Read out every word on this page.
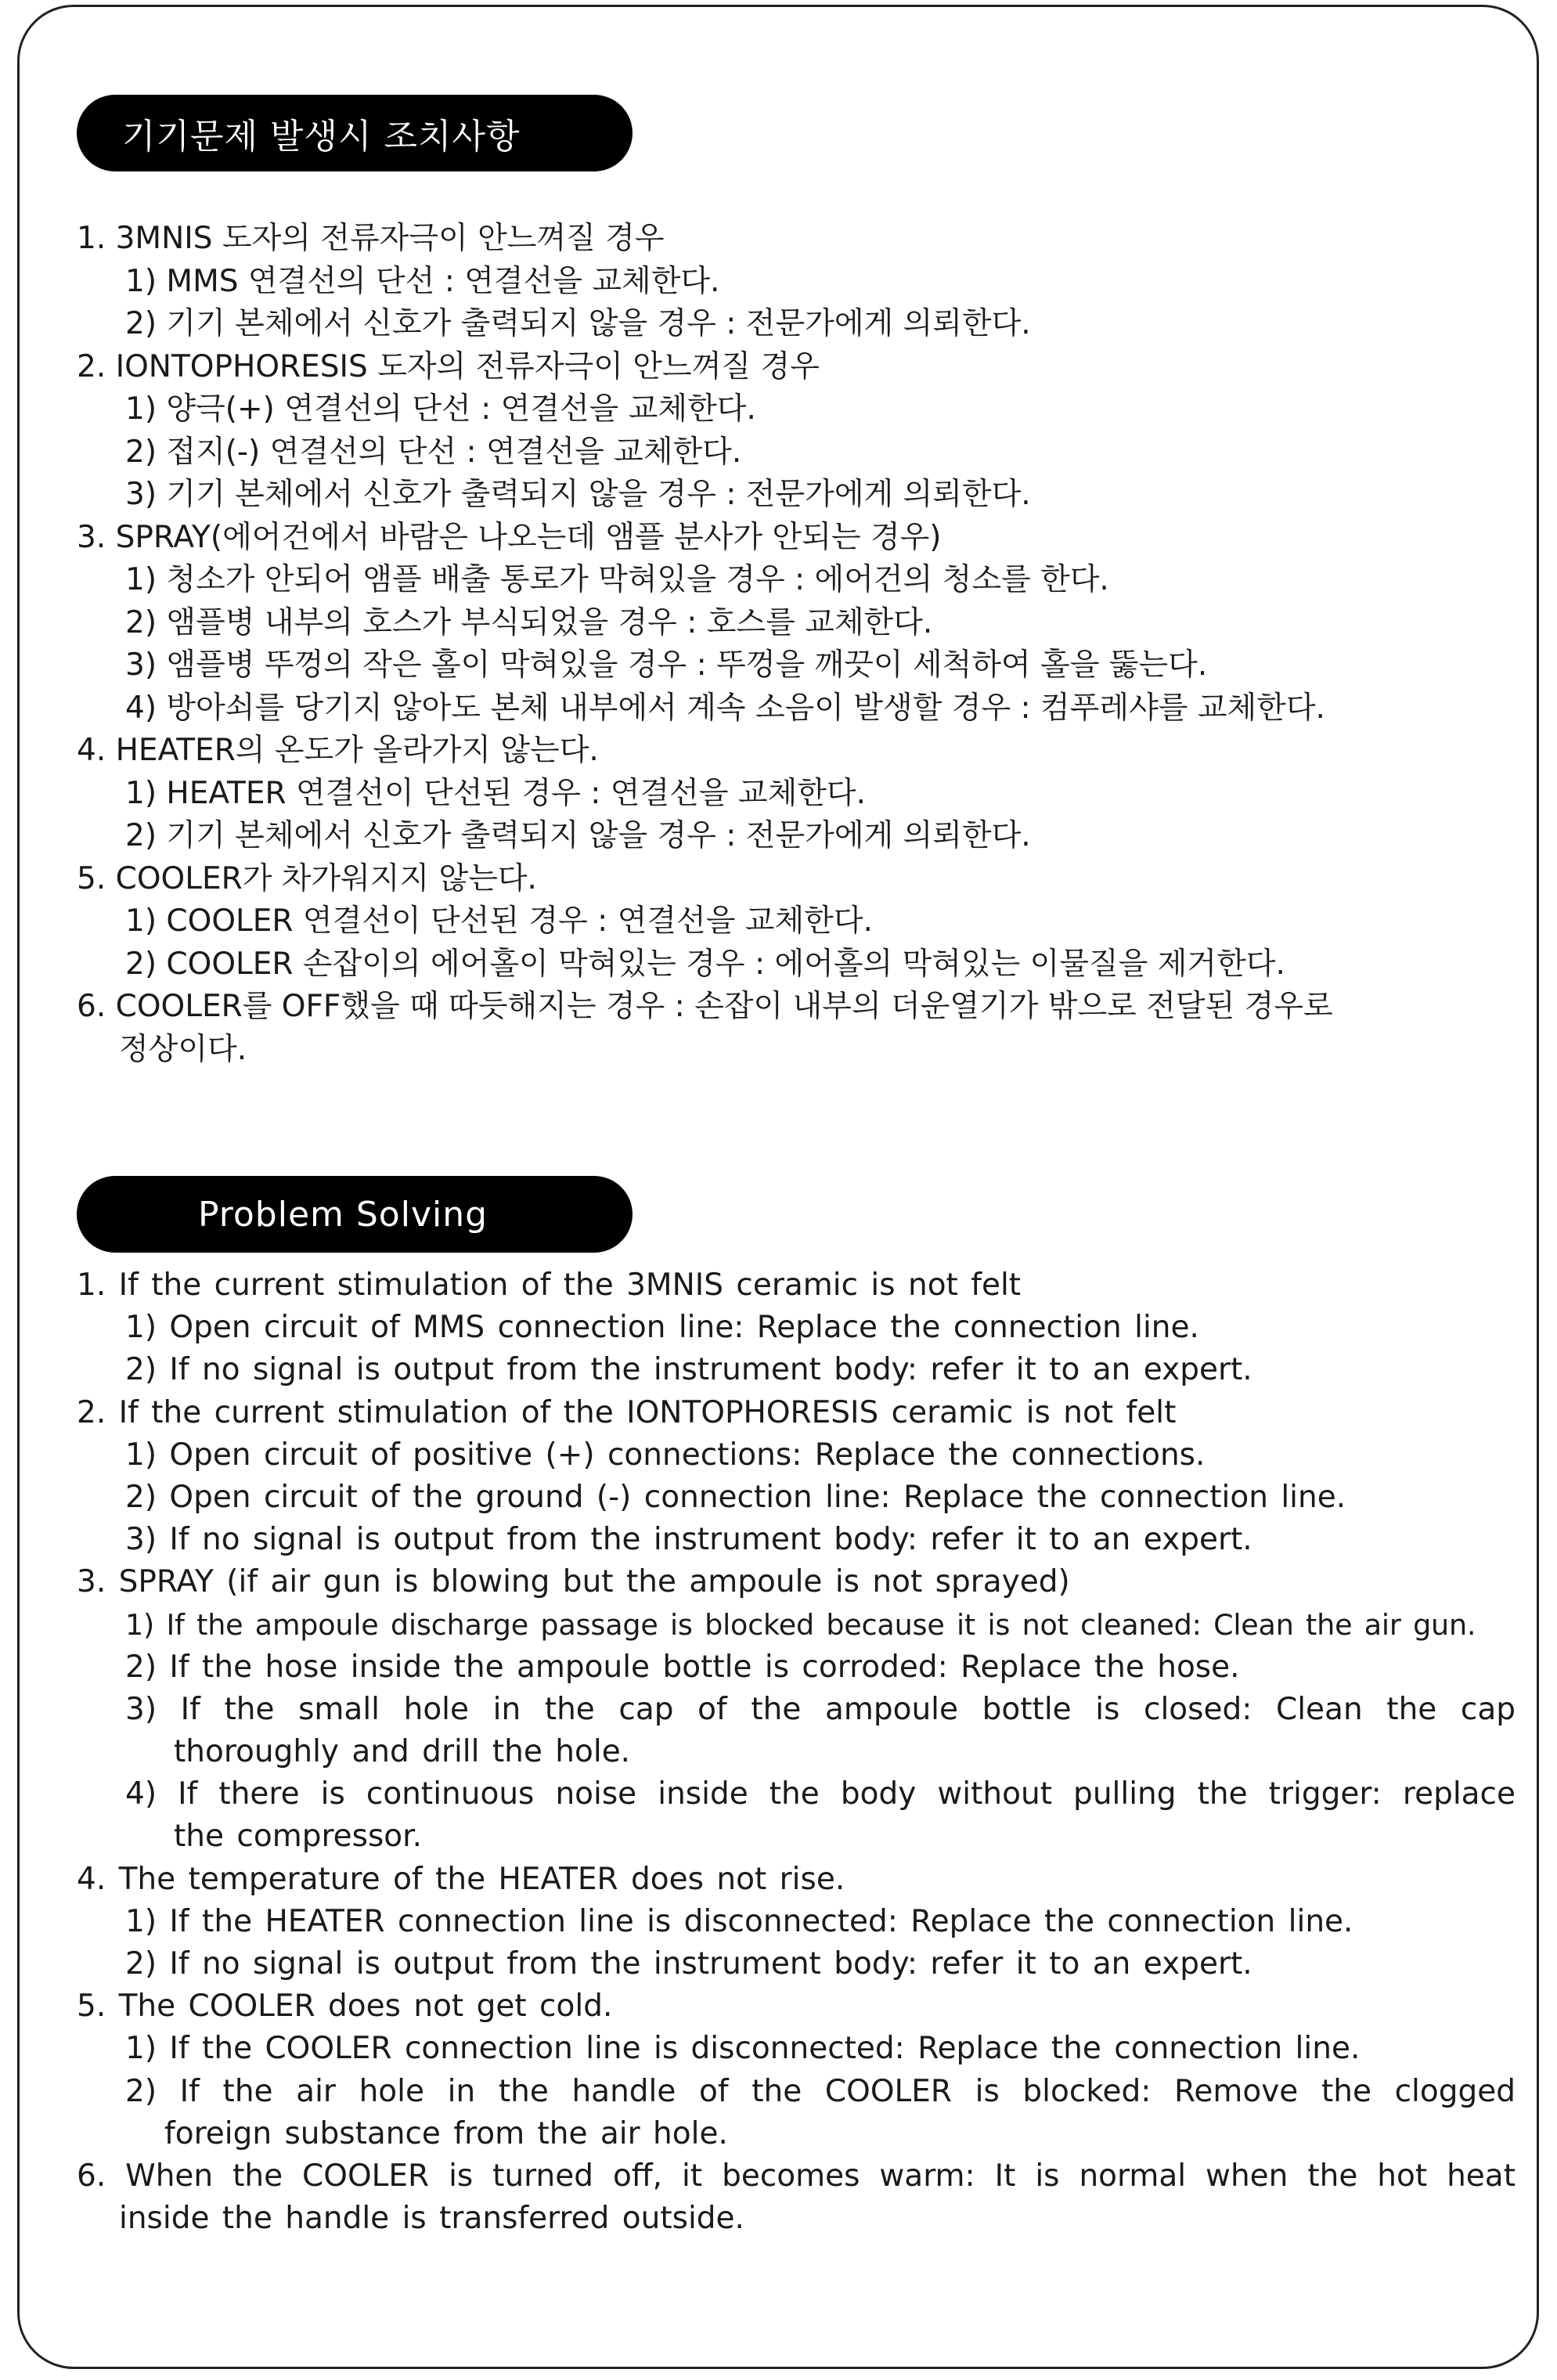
기기문제 발생시 조치사항

1. 3MNIS 도자의 전류자극이 안느껴질 경우

1) MMS 연결선의 단선 : 연결선을 교체한다.

2) 기기 본체에서 신호가 출력되지 않을 경우 : 전문가에게 의뢰한다.

2. IONTOPHORESIS 도자의 전류자극이 안느껴질 경우

1) 양극(+) 연결선의 단선 : 연결선을 교체한다.

2) 접지(-) 연결선의 단선 : 연결선을 교체한다.

3) 기기 본체에서 신호가 출력되지 않을 경우 : 전문가에게 의뢰한다.

3. SPRAY(에어건에서 바람은 나오는데 앰플 분사가 안되는 경우)

1) 청소가 안되어 앰플 배출 통로가 막혀있을 경우 : 에어건의 청소를 한다.

2) 앰플병 내부의 호스가 부식되었을 경우 : 호스를 교체한다.

3) 앰플병 뚜껑의 작은 홀이 막혀있을 경우 : 뚜껑을 깨끗이 세척하여 홀을 뚫는다.

4) 방아쇠를 당기지 않아도 본체 내부에서 계속 소음이 발생할 경우 : 컴푸레샤를 교체한다.

4. HEATER의 온도가 올라가지 않는다.

1) HEATER 연결선이 단선된 경우 : 연결선을 교체한다.

2) 기기 본체에서 신호가 출력되지 않을 경우 : 전문가에게 의뢰한다.

5. COOLER가 차가워지지 않는다.

1) COOLER 연결선이 단선된 경우 : 연결선을 교체한다.

2) COOLER 손잡이의 에어홀이 막혀있는 경우 : 에어홀의 막혀있는 이물질을 제거한다.

6. COOLER를 OFF했을 때 따듯해지는 경우 : 손잡이 내부의 더운열기가 밖으로 전달된 경우로

정상이다.

Problem Solving

1. If the current stimulation of the 3MNIS ceramic is not felt

1) Open circuit of MMS connection line: Replace the connection line.

2) If no signal is output from the instrument body: refer it to an expert.

2. If the current stimulation of the IONTOPHORESIS ceramic is not felt

1) Open circuit of positive (+) connections: Replace the connections.

2) Open circuit of the ground (-) connection line: Replace the connection line.

3) If no signal is output from the instrument body: refer it to an expert.

3. SPRAY (if air gun is blowing but the ampoule is not sprayed)

1) If the ampoule discharge passage is blocked because it is not cleaned: Clean the air gun.

2) If the hose inside the ampoule bottle is corroded: Replace the hose.

3) If the small hole in the cap of the ampoule bottle is closed: Clean the cap

thoroughly and drill the hole.

4) If there is continuous noise inside the body without pulling the trigger: replace

the compressor.

4. The temperature of the HEATER does not rise.

1) If the HEATER connection line is disconnected: Replace the connection line.

2) If no signal is output from the instrument body: refer it to an expert.

5. The COOLER does not get cold.

1) If the COOLER connection line is disconnected: Replace the connection line.

2) If the air hole in the handle of the COOLER is blocked: Remove the clogged

foreign substance from the air hole.

6. When the COOLER is turned off, it becomes warm: It is normal when the hot heat

inside the handle is transferred outside.
